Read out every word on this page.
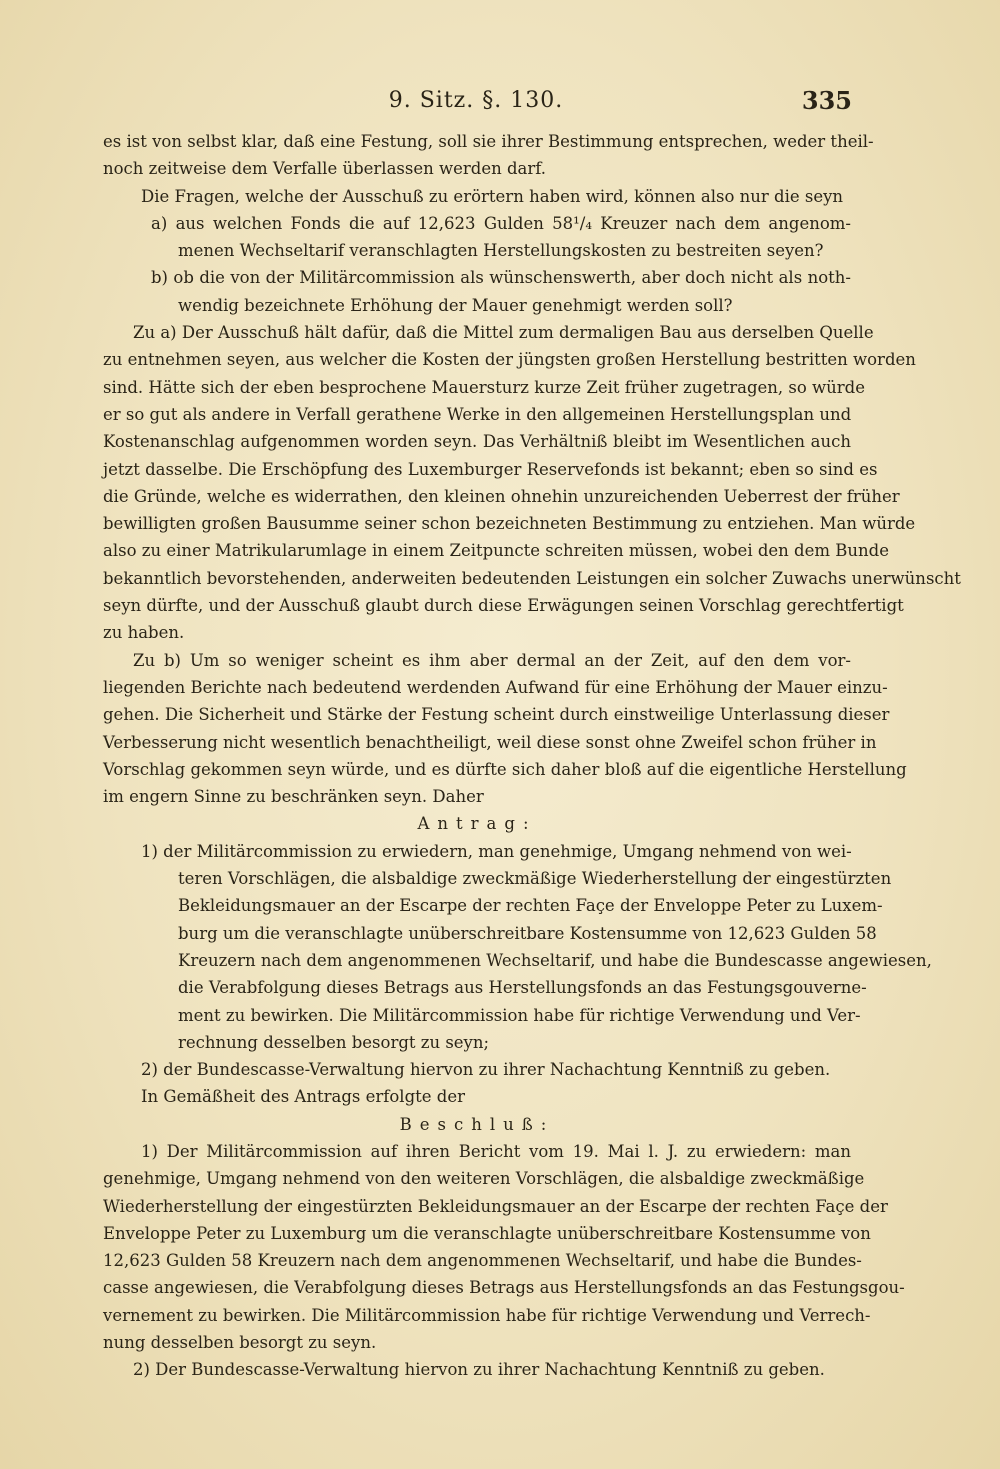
9. Sitz. §. 130.	335
es ist von selbst klar, daß eine Festung, soll sie ihrer Bestimmung entsprechen, weder theil-
noch zeitweise dem Verfalle überlassen werden darf.
Die Fragen, welche der Ausschuß zu erörtern haben wird, können also nur die seyn
a) aus welchen Fonds die auf 12,623 Gulden 58¹/₄ Kreuzer nach dem angenom-
menen Wechseltarif veranschlagten Herstellungskosten zu bestreiten seyen?
b) ob die von der Militärcommission als wünschenswerth, aber doch nicht als noth-
wendig bezeichnete Erhöhung der Mauer genehmigt werden soll?
Zu a) Der Ausschuß hält dafür, daß die Mittel zum dermaligen Bau aus derselben Quelle
zu entnehmen seyen, aus welcher die Kosten der jüngsten großen Herstellung bestritten worden
sind. Hätte sich der eben besprochene Mauersturz kurze Zeit früher zugetragen, so würde
er so gut als andere in Verfall gerathene Werke in den allgemeinen Herstellungsplan und
Kostenanschlag aufgenommen worden seyn. Das Verhältniß bleibt im Wesentlichen auch
jetzt dasselbe. Die Erschöpfung des Luxemburger Reservefonds ist bekannt; eben so sind es
die Gründe, welche es widerrathen, den kleinen ohnehin unzureichenden Ueberrest der früher
bewilligten großen Bausumme seiner schon bezeichneten Bestimmung zu entziehen. Man würde
also zu einer Matrikularumlage in einem Zeitpuncte schreiten müssen, wobei den dem Bunde
bekanntlich bevorstehenden, anderweiten bedeutenden Leistungen ein solcher Zuwachs unerwünscht
seyn dürfte, und der Ausschuß glaubt durch diese Erwägungen seinen Vorschlag gerechtfertigt
zu haben.
Zu b) Um so weniger scheint es ihm aber dermal an der Zeit, auf den dem vor-
liegenden Berichte nach bedeutend werdenden Aufwand für eine Erhöhung der Mauer einzu-
gehen. Die Sicherheit und Stärke der Festung scheint durch einstweilige Unterlassung dieser
Verbesserung nicht wesentlich benachtheiligt, weil diese sonst ohne Zweifel schon früher in
Vorschlag gekommen seyn würde, und es dürfte sich daher bloß auf die eigentliche Herstellung
im engern Sinne zu beschränken seyn. Daher
Antrag:
1) der Militärcommission zu erwiedern, man genehmige, Umgang nehmend von wei-
teren Vorschlägen, die alsbaldige zweckmäßige Wiederherstellung der eingestürzten
Bekleidungsmauer an der Escarpe der rechten Façe der Enveloppe Peter zu Luxem-
burg um die veranschlagte unüberschreitbare Kostensumme von 12,623 Gulden 58
Kreuzern nach dem angenommenen Wechseltarif, und habe die Bundescasse angewiesen,
die Verabfolgung dieses Betrags aus Herstellungsfonds an das Festungsgouverne-
ment zu bewirken. Die Militärcommission habe für richtige Verwendung und Ver-
rechnung desselben besorgt zu seyn;
2) der Bundescasse-Verwaltung hiervon zu ihrer Nachachtung Kenntniß zu geben.
In Gemäßheit des Antrags erfolgte der
Beschluß:
1) Der Militärcommission auf ihren Bericht vom 19. Mai l. J. zu erwiedern: man
genehmige, Umgang nehmend von den weiteren Vorschlägen, die alsbaldige zweckmäßige
Wiederherstellung der eingestürzten Bekleidungsmauer an der Escarpe der rechten Façe der
Enveloppe Peter zu Luxemburg um die veranschlagte unüberschreitbare Kostensumme von
12,623 Gulden 58 Kreuzern nach dem angenommenen Wechseltarif, und habe die Bundes-
casse angewiesen, die Verabfolgung dieses Betrags aus Herstellungsfonds an das Festungsgou-
vernement zu bewirken. Die Militärcommission habe für richtige Verwendung und Verrech-
nung desselben besorgt zu seyn.
2) Der Bundescasse-Verwaltung hiervon zu ihrer Nachachtung Kenntniß zu geben.
